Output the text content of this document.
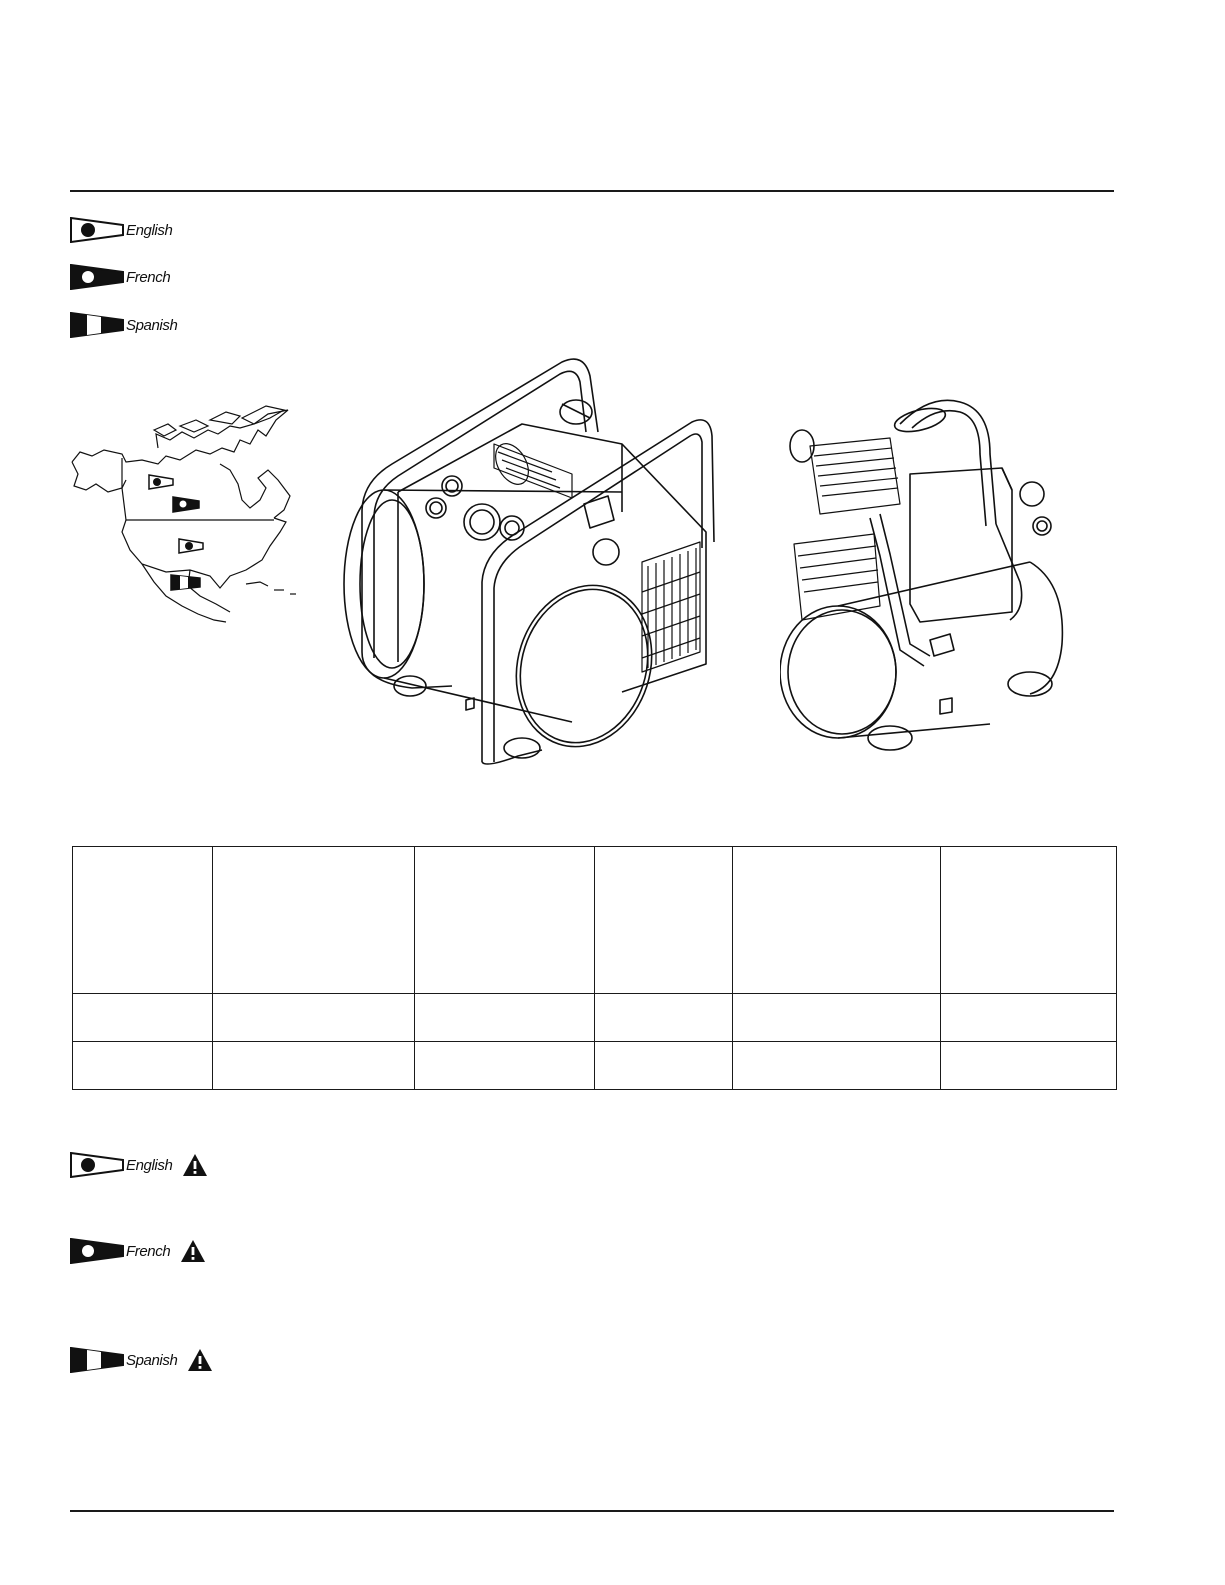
English
French
Spanish

English
French
Spanish
